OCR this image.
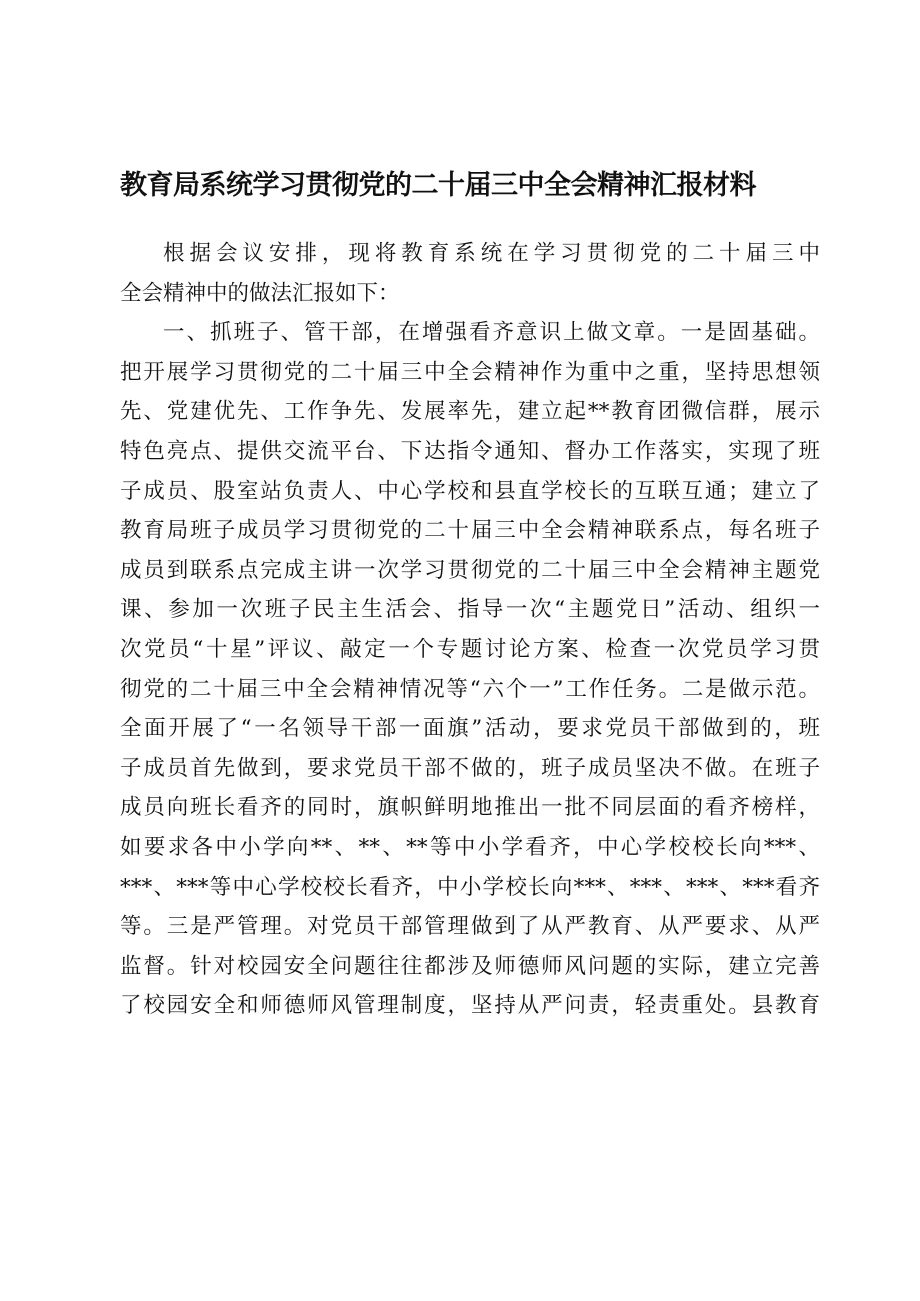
教育局系统学习贯彻党的二十届三中全会精神汇报材料
根据会议安排，现将教育系统在学习贯彻党的二十届三中
全会精神中的做法汇报如下：
一、抓班子、管干部，在增强看齐意识上做文章。一是固基础。
把开展学习贯彻党的二十届三中全会精神作为重中之重，坚持思想领
先、党建优先、工作争先、发展率先，建立起**教育团微信群，展示
特色亮点、提供交流平台、下达指令通知、督办工作落实，实现了班
子成员、股室站负责人、中心学校和县直学校长的互联互通；建立了
教育局班子成员学习贯彻党的二十届三中全会精神联系点，每名班子
成员到联系点完成主讲一次学习贯彻党的二十届三中全会精神主题党
课、参加一次班子民主生活会、指导一次“主题党日”活动、组织一
次党员“十星”评议、敲定一个专题讨论方案、检查一次党员学习贯
彻党的二十届三中全会精神情况等“六个一”工作任务。二是做示范。
全面开展了“一名领导干部一面旗”活动，要求党员干部做到的，班
子成员首先做到，要求党员干部不做的，班子成员坚决不做。在班子
成员向班长看齐的同时，旗帜鲜明地推出一批不同层面的看齐榜样，
如要求各中小学向**、**、**等中小学看齐，中心学校校长向***、
***、***等中心学校校长看齐，中小学校长向***、***、***、***看齐
等。三是严管理。对党员干部管理做到了从严教育、从严要求、从严
监督。针对校园安全问题往往都涉及师德师风问题的实际，建立完善
了校园安全和师德师风管理制度，坚持从严问责，轻责重处。县教育
